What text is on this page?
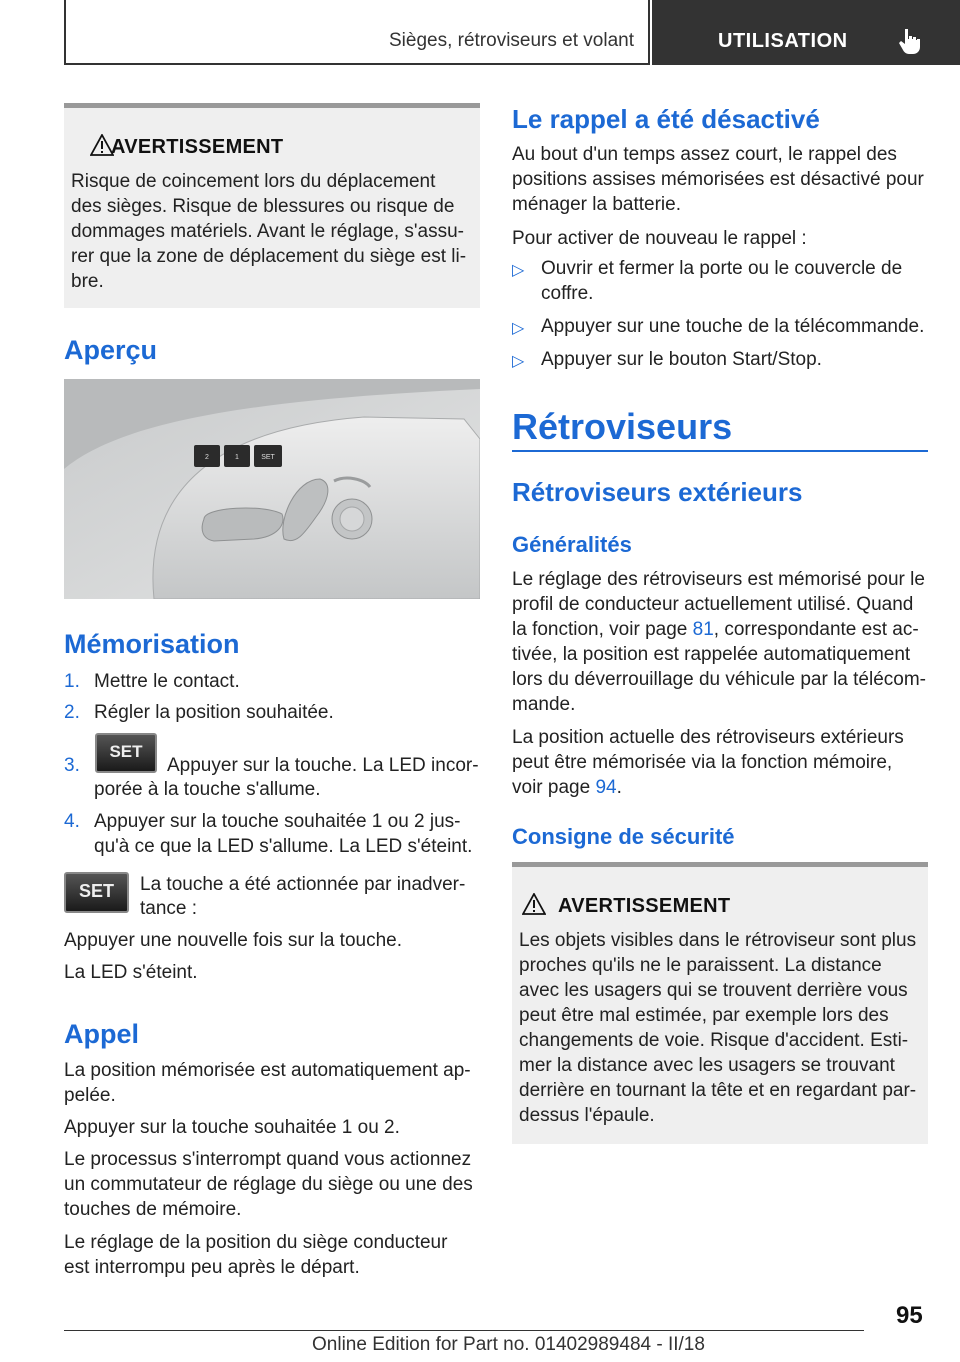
Sièges, rétroviseurs et volant	UTILISATION
AVERTISSEMENT
Risque de coincement lors du déplacement
des sièges. Risque de blessures ou risque de
dommages matériels. Avant le réglage, s'assu‐
rer que la zone de déplacement du siège est li‐
bre.
Aperçu
2	1	SET
Mémorisation
1. Mettre le contact.
2. Régler la position souhaitée.
3.
SET
Appuyer sur la touche. La LED incor‐
porée à la touche s'allume.
4. Appuyer sur la touche souhaitée 1 ou 2 jus‐
qu'à ce que la LED s'allume. La LED s'éteint.
SET	La touche a été actionnée par inadver‐
tance :
Appuyer une nouvelle fois sur la touche.
La LED s'éteint.
Appel
La position mémorisée est automatiquement ap‐
pelée.
Appuyer sur la touche souhaitée 1 ou 2.
Le processus s'interrompt quand vous actionnez
un commutateur de réglage du siège ou une des
touches de mémoire.
Le réglage de la position du siège conducteur
est interrompu peu après le départ.
Le rappel a été désactivé
Au bout d'un temps assez court, le rappel des
positions assises mémorisées est désactivé pour
ménager la batterie.
Pour activer de nouveau le rappel :
▷ Ouvrir et fermer la porte ou le couvercle de
coffre.
▷ Appuyer sur une touche de la télécommande.
▷ Appuyer sur le bouton Start/Stop.
Rétroviseurs
Rétroviseurs extérieurs
Généralités
Le réglage des rétroviseurs est mémorisé pour le
profil de conducteur actuellement utilisé. Quand
la fonction, voir page 81, correspondante est ac‐
tivée, la position est rappelée automatiquement
lors du déverrouillage du véhicule par la télécom‐
mande.
La position actuelle des rétroviseurs extérieurs
peut être mémorisée via la fonction mémoire,
voir page 94.
Consigne de sécurité
AVERTISSEMENT
Les objets visibles dans le rétroviseur sont plus
proches qu'ils ne le paraissent. La distance
avec les usagers qui se trouvent derrière vous
peut être mal estimée, par exemple lors des
changements de voie. Risque d'accident. Esti‐
mer la distance avec les usagers se trouvant
derrière en tournant la tête et en regardant par‐
dessus l'épaule.
95
Online Edition for Part no. 01402989484 - II/18
